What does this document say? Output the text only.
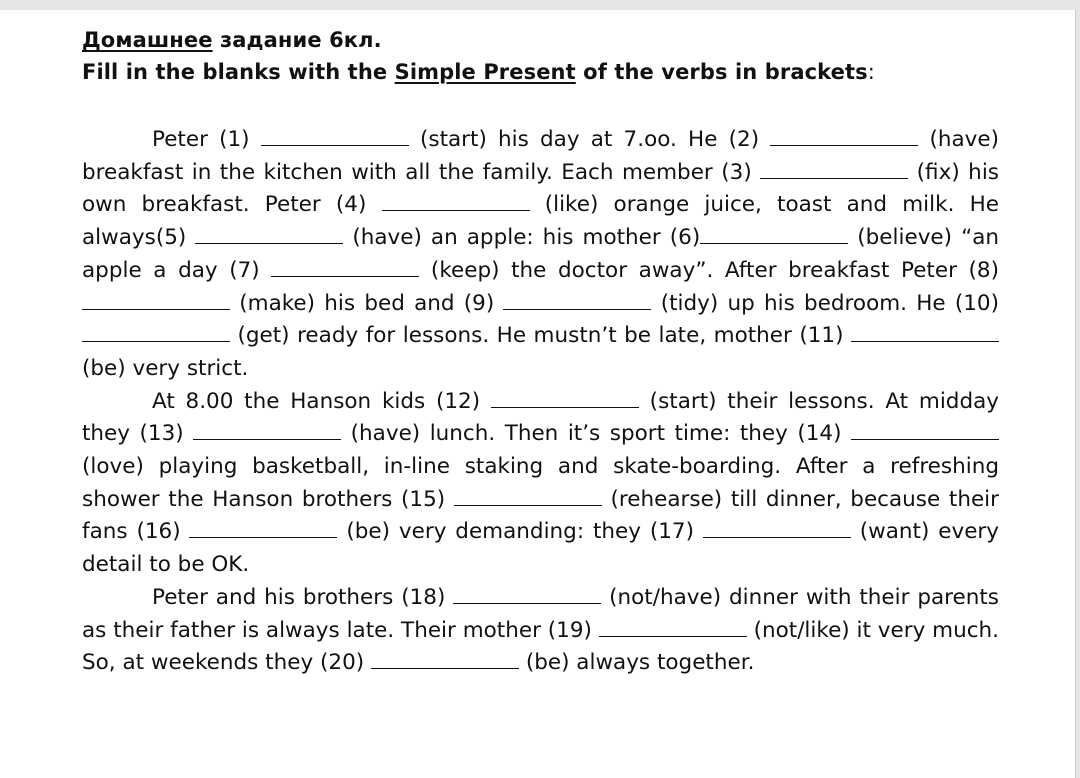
Домашнее задание 6кл.
Fill in the blanks with the Simple Present of the verbs in brackets:

Peter (1)	(start) his day at 7.oo. He (2)	(have) breakfast in the kitchen with all the family. Each member (3)	(fix) his own breakfast. Peter (4)	(like) orange juice, toast and milk. He always(5)	(have) an apple: his mother (6)	(believe) “an apple a day (7)	(keep) the doctor away”. After breakfast Peter (8)  (make) his bed and (9)	(tidy) up his bedroom. He (10)  (get) ready for lessons. He mustn’t be late, mother (11)  (be) very strict.

At 8.00 the Hanson kids (12)	(start) their lessons. At midday they (13)	(have) lunch. Then it’s sport time: they (14)  (love) playing basketball, in-line staking and skate-boarding. After a refreshing shower the Hanson brothers (15)	(rehearse) till dinner, because their fans (16)	(be) very demanding: they (17)	(want) every detail to be OK.

Peter and his brothers (18)	(not/have) dinner with their parents as their father is always late. Their mother (19)	(not/like) it very much. So, at weekends they (20)	(be) always together.
